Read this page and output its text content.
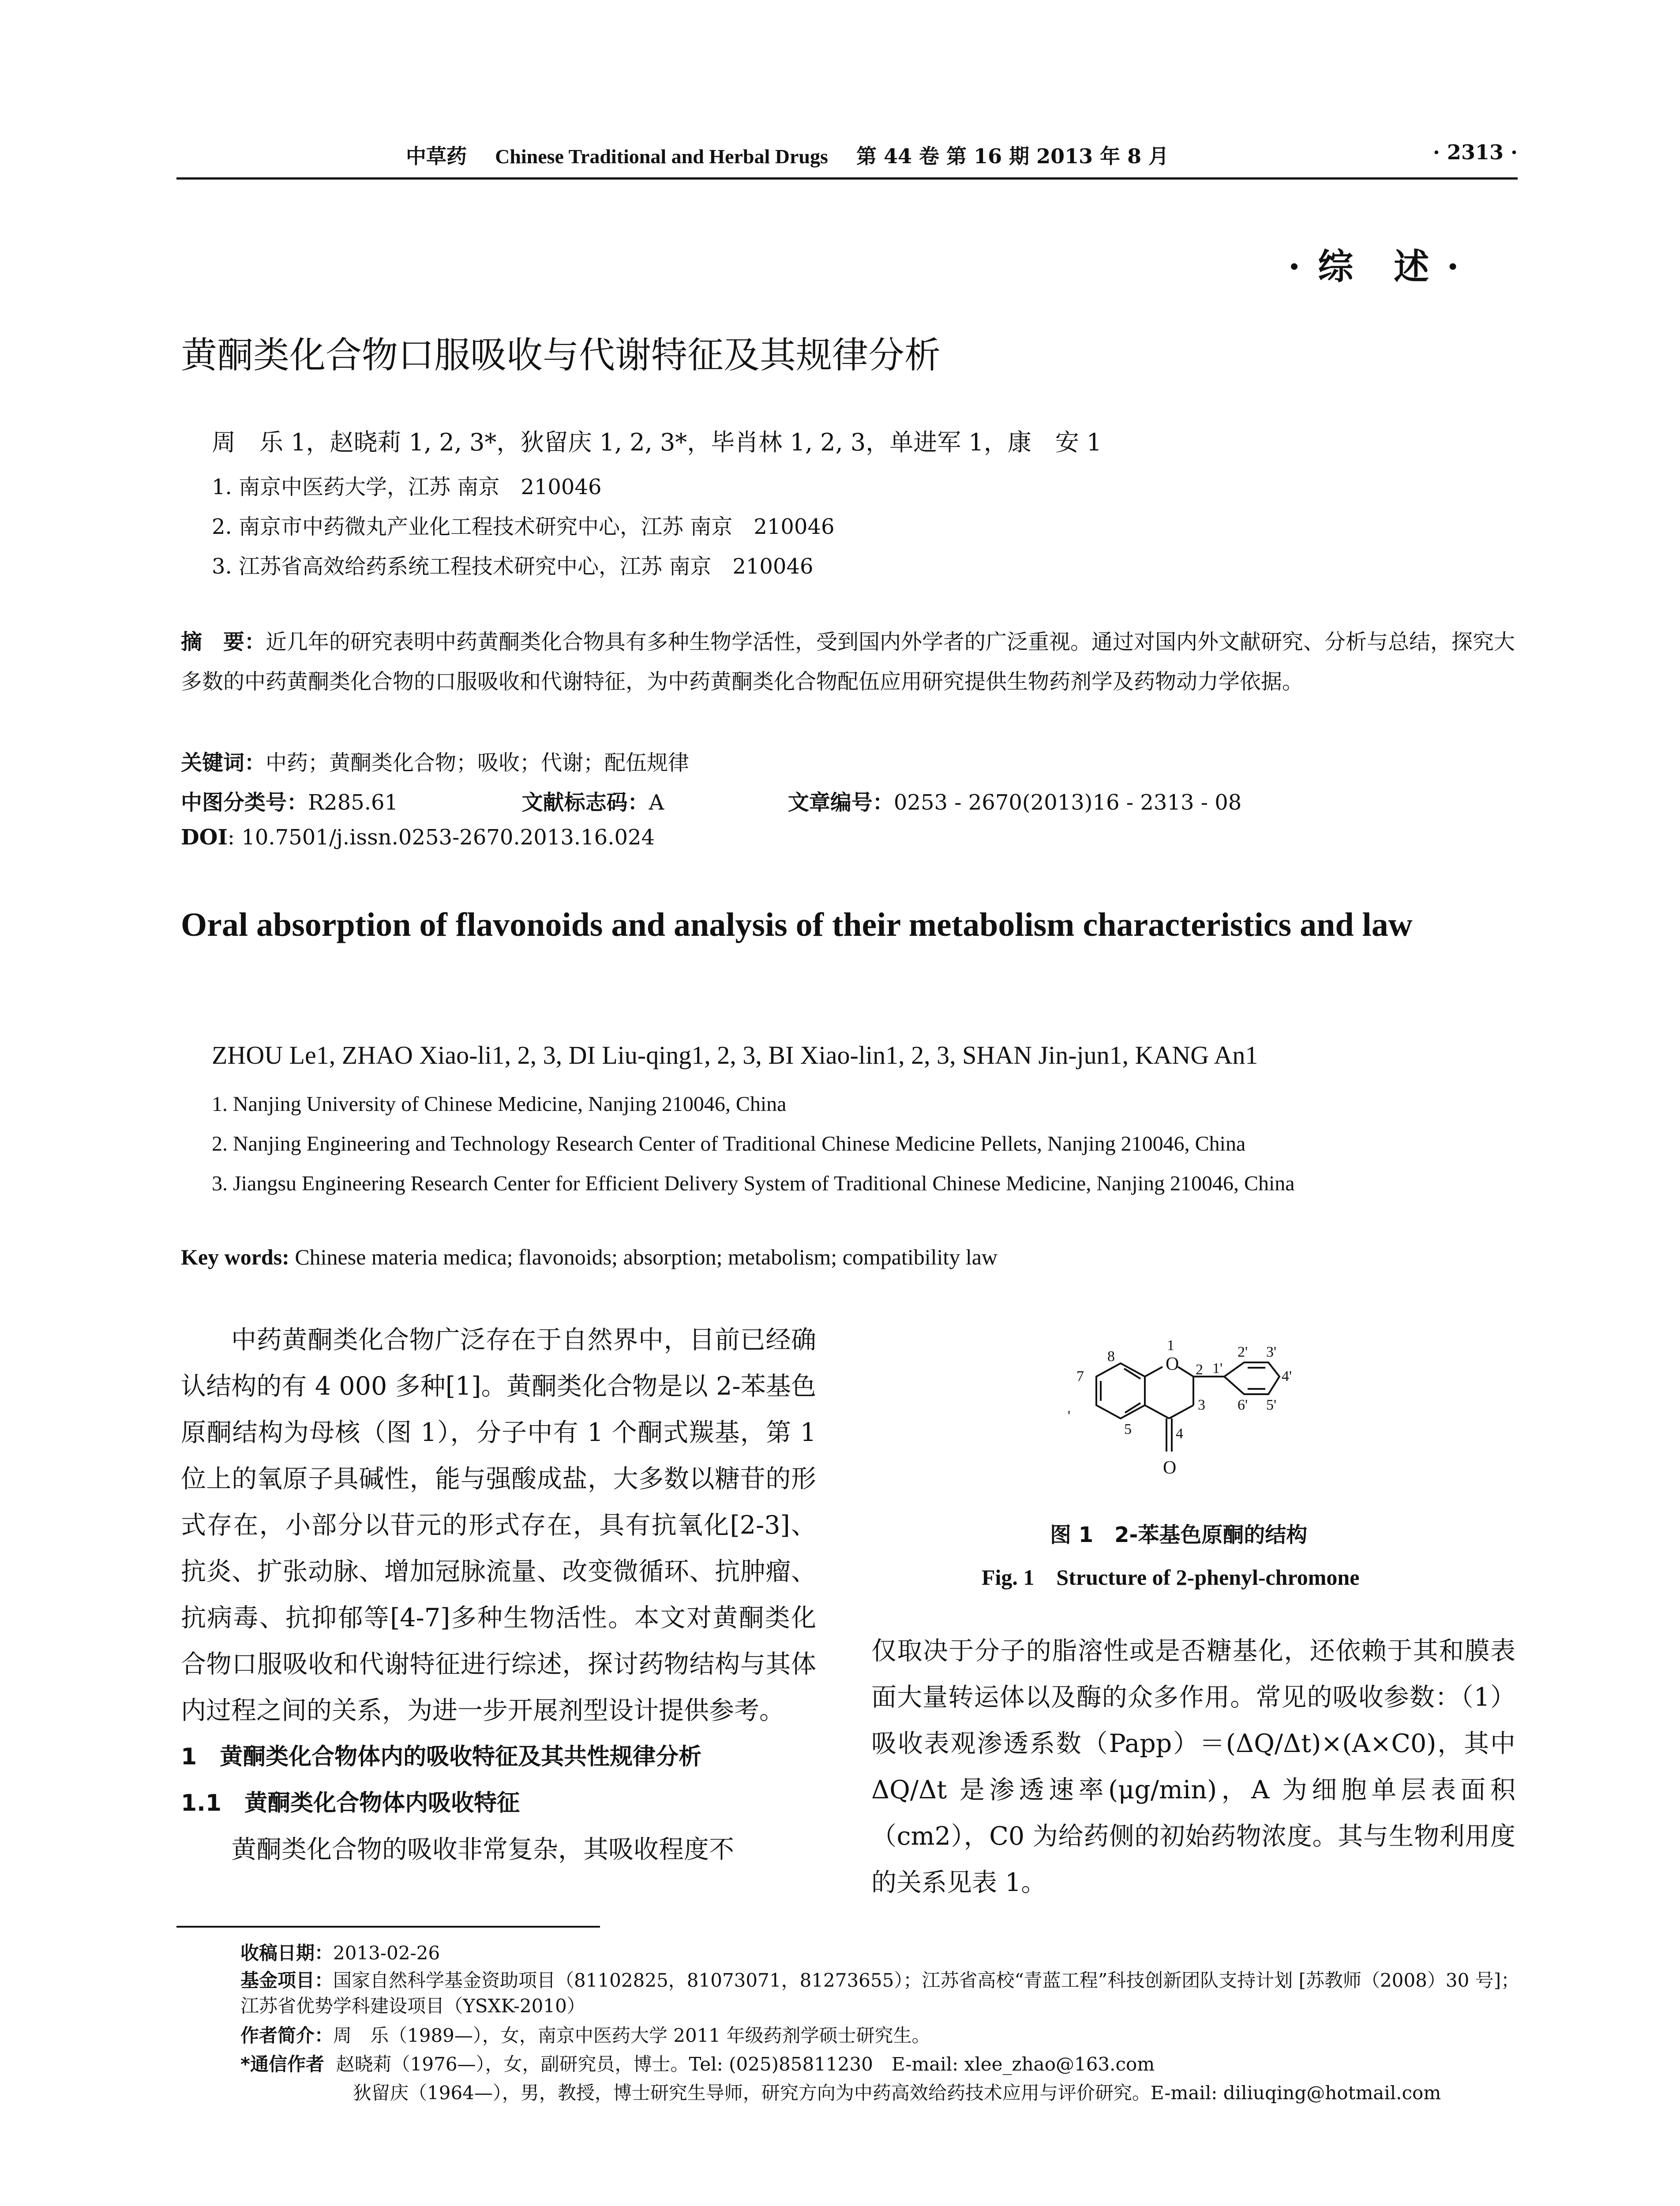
中草药 Chinese Traditional and Herbal Drugs 第 44 卷 第 16 期 2013 年 8 月	· 2313 ·
· 综　述 ·
黄酮类化合物口服吸收与代谢特征及其规律分析
周　乐 1，赵晓莉 1, 2, 3*，狄留庆 1, 2, 3*，毕肖林 1, 2, 3，单进军 1，康　安 1
1. 南京中医药大学，江苏 南京　210046
2. 南京市中药微丸产业化工程技术研究中心，江苏 南京　210046
3. 江苏省高效给药系统工程技术研究中心，江苏 南京　210046
摘　要：近几年的研究表明中药黄酮类化合物具有多种生物学活性，受到国内外学者的广泛重视。通过对国内外文献研究、分析与总结，探究大多数的中药黄酮类化合物的口服吸收和代谢特征，为中药黄酮类化合物配伍应用研究提供生物药剂学及药物动力学依据。
关键词：中药；黄酮类化合物；吸收；代谢；配伍规律
中图分类号：R285.61	文献标志码：A	文章编号：0253 - 2670(2013)16 - 2313 - 08
DOI: 10.7501/j.issn.0253-2670.2013.16.024
Oral absorption of flavonoids and analysis of their metabolism characteristics and law
ZHOU Le1, ZHAO Xiao-li1, 2, 3, DI Liu-qing1, 2, 3, BI Xiao-lin1, 2, 3, SHAN Jin-jun1, KANG An1
1. Nanjing University of Chinese Medicine, Nanjing 210046, China
2. Nanjing Engineering and Technology Research Center of Traditional Chinese Medicine Pellets, Nanjing 210046, China
3. Jiangsu Engineering Research Center for Efficient Delivery System of Traditional Chinese Medicine, Nanjing 210046, China
Key words: Chinese materia medica; flavonoids; absorption; metabolism; compatibility law
中药黄酮类化合物广泛存在于自然界中，目前已经确认结构的有 4 000 多种[1]。黄酮类化合物是以 2-苯基色原酮结构为母核（图 1），分子中有 1 个酮式羰基，第 1 位上的氧原子具碱性，能与强酸成盐，大多数以糖苷的形式存在，小部分以苷元的形式存在，具有抗氧化[2-3]、抗炎、扩张动脉、增加冠脉流量、改变微循环、抗肿瘤、抗病毒、抗抑郁等[4-7]多种生物活性。本文对黄酮类化合物口服吸收和代谢特征进行综述，探讨药物结构与其体内过程之间的关系，为进一步开展剂型设计提供参考。
1　黄酮类化合物体内的吸收特征及其共性规律分析
1.1　黄酮类化合物体内吸收特征
黄酮类化合物的吸收非常复杂，其吸收程度不
O
1
2
3
4
5
7
8
O
1'
2' 3'
4'
5'
6'
'
图 1　2-苯基色原酮的结构
Fig. 1　Structure of 2-phenyl-chromone
仅取决于分子的脂溶性或是否糖基化，还依赖于其和膜表面大量转运体以及酶的众多作用。常见的吸收参数：（1）吸收表观渗透系数（Papp）＝(ΔQ/Δt)×(A×C0)，其中 ΔQ/Δt 是渗透速率(μg/min)，A 为细胞单层表面积（cm2），C0 为给药侧的初始药物浓度。其与生物利用度的关系见表 1。
收稿日期：2013-02-26
基金项目：国家自然科学基金资助项目（81102825，81073071，81273655）；江苏省高校“青蓝工程”科技创新团队支持计划 [苏教师（2008）30 号]；江苏省优势学科建设项目（YSXK-2010）
作者简介：周　乐（1989—），女，南京中医药大学 2011 年级药剂学硕士研究生。
*通信作者 赵晓莉（1976—），女，副研究员，博士。Tel: (025)85811230　E-mail: xlee_zhao@163.com
狄留庆（1964—），男，教授，博士研究生导师，研究方向为中药高效给药技术应用与评价研究。E-mail: diliuqing@hotmail.com
